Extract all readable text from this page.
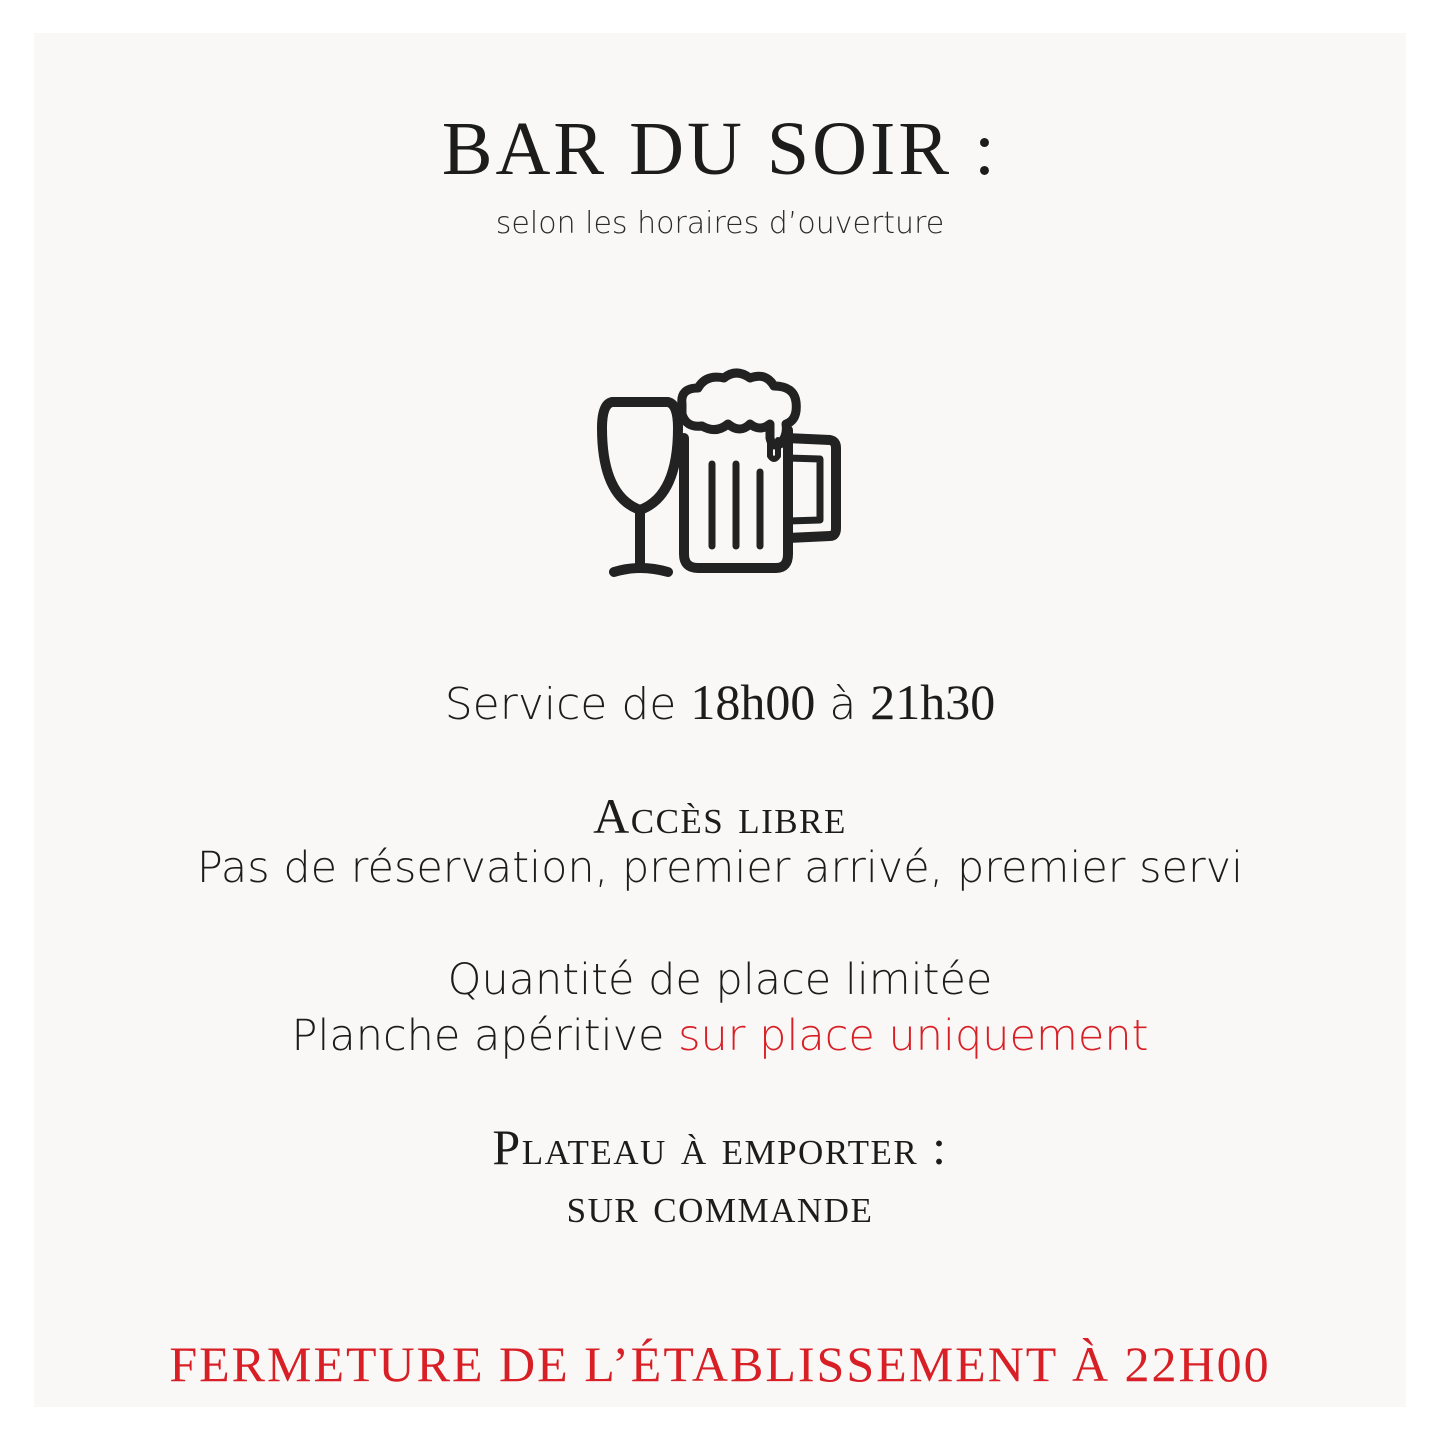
BAR DU SOIR :
selon les horaires d’ouverture
Service de 18h00 à 21h30
Accès libre
Pas de réservation, premier arrivé, premier servi
Quantité de place limitée
Planche apéritive sur place uniquement
Plateau à emporter :
sur commande
FERMETURE DE L’ÉTABLISSEMENT À 22H00
